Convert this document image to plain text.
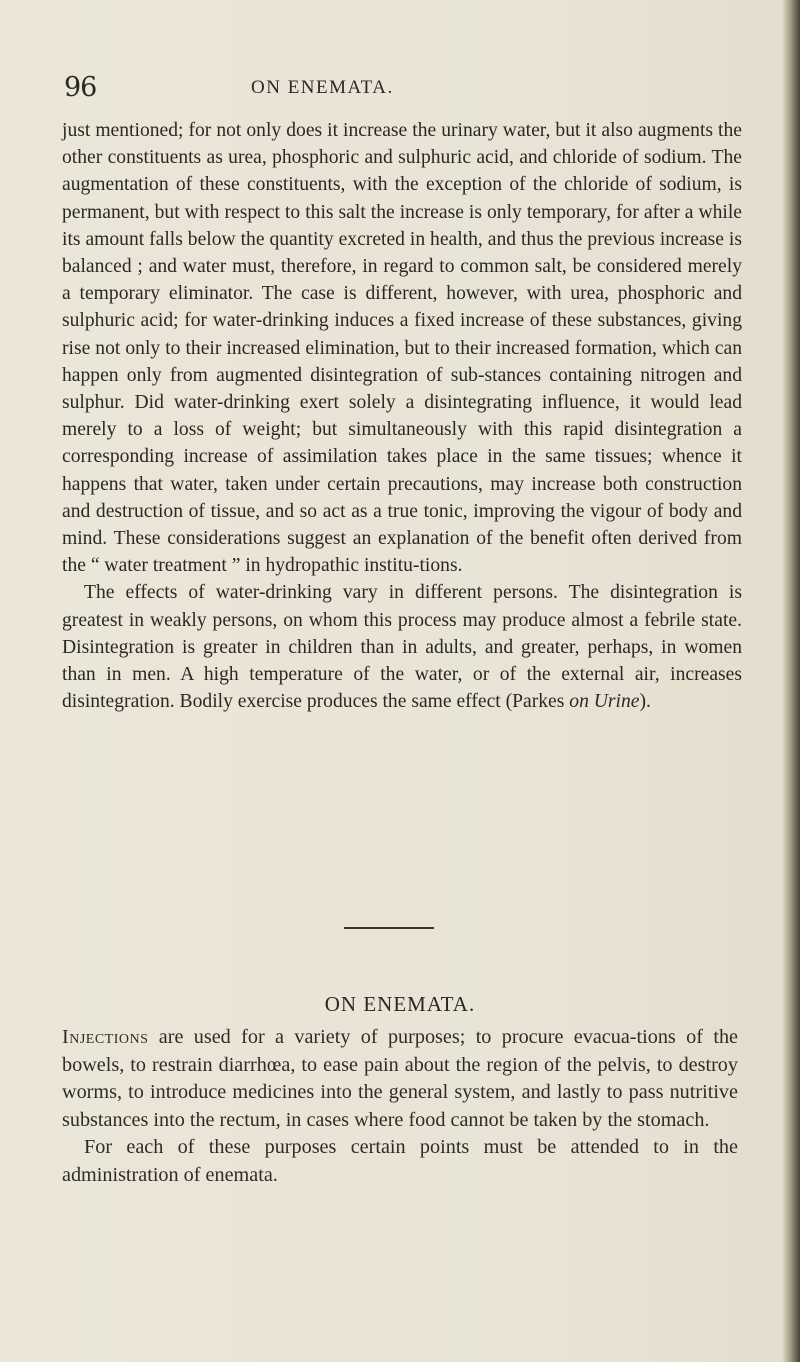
96	ON ENEMATA.

just mentioned; for not only does it increase the urinary water, but it also augments the other constituents as urea, phosphoric and sulphuric acid, and chloride of sodium. The augmentation of these constituents, with the exception of the chloride of sodium, is permanent, but with respect to this salt the increase is only temporary, for after a while its amount falls below the quantity excreted in health, and thus the previous increase is balanced ; and water must, therefore, in regard to common salt, be considered merely a temporary eliminator. The case is different, however, with urea, phosphoric and sulphuric acid; for water-drinking induces a fixed increase of these substances, giving rise not only to their increased elimination, but to their increased formation, which can happen only from augmented disintegration of sub-stances containing nitrogen and sulphur. Did water-drinking exert solely a disintegrating influence, it would lead merely to a loss of weight; but simultaneously with this rapid disintegration a corresponding increase of assimilation takes place in the same tissues; whence it happens that water, taken under certain precautions, may increase both construction and destruction of tissue, and so act as a true tonic, improving the vigour of body and mind. These considerations suggest an explanation of the benefit often derived from the “ water treatment ” in hydropathic institu-tions.

The effects of water-drinking vary in different persons. The disintegration is greatest in weakly persons, on whom this process may produce almost a febrile state. Disintegration is greater in children than in adults, and greater, perhaps, in women than in men. A high temperature of the water, or of the external air, increases disintegration. Bodily exercise produces the same effect (Parkes on Urine).

ON ENEMATA.

Injections are used for a variety of purposes; to procure evacua-tions of the bowels, to restrain diarrhœa, to ease pain about the region of the pelvis, to destroy worms, to introduce medicines into the general system, and lastly to pass nutritive substances into the rectum, in cases where food cannot be taken by the stomach.

For each of these purposes certain points must be attended to in the administration of enemata.
